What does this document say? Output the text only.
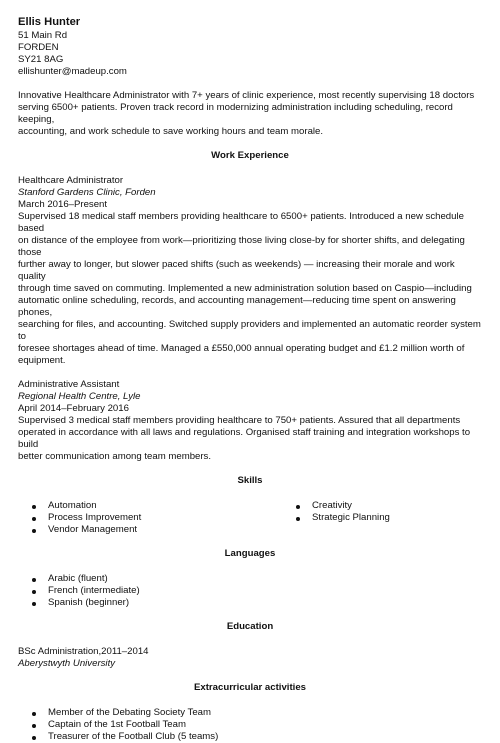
Ellis Hunter
51 Main Rd
FORDEN
SY21 8AG
ellishunter@madeup.com
Innovative Healthcare Administrator with 7+ years of clinic experience, most recently supervising 18 doctors
serving 6500+ patients. Proven track record in modernizing administration including scheduling, record keeping,
accounting, and work schedule to save working hours and team morale.
Work Experience
Healthcare Administrator
Stanford Gardens Clinic, Forden
March 2016–Present
Supervised 18 medical staff members providing healthcare to 6500+ patients. Introduced a new schedule based
on distance of the employee from work—prioritizing those living close-by for shorter shifts, and delegating those
further away to longer, but slower paced shifts (such as weekends) — increasing their morale and work quality
through time saved on commuting. Implemented a new administration solution based on Caspio—including
automatic online scheduling, records, and accounting management—reducing time spent on answering phones,
searching for files, and accounting. Switched supply providers and implemented an automatic reorder system to
foresee shortages ahead of time. Managed a £550,000 annual operating budget and £1.2 million worth of
equipment.
Administrative Assistant
Regional Health Centre, Lyle
April 2014–February 2016
Supervised 3 medical staff members providing healthcare to 750+ patients. Assured that all departments
operated in accordance with all laws and regulations. Organised staff training and integration workshops to build
better communication among team members.
Skills
Automation
Process Improvement
Vendor Management
Creativity
Strategic Planning
Languages
Arabic (fluent)
French (intermediate)
Spanish (beginner)
Education
BSc Administration,2011–2014
Aberystwyth University
Extracurricular activities
Member of the Debating Society Team
Captain of the 1st Football Team
Treasurer of the Football Club (5 teams)
